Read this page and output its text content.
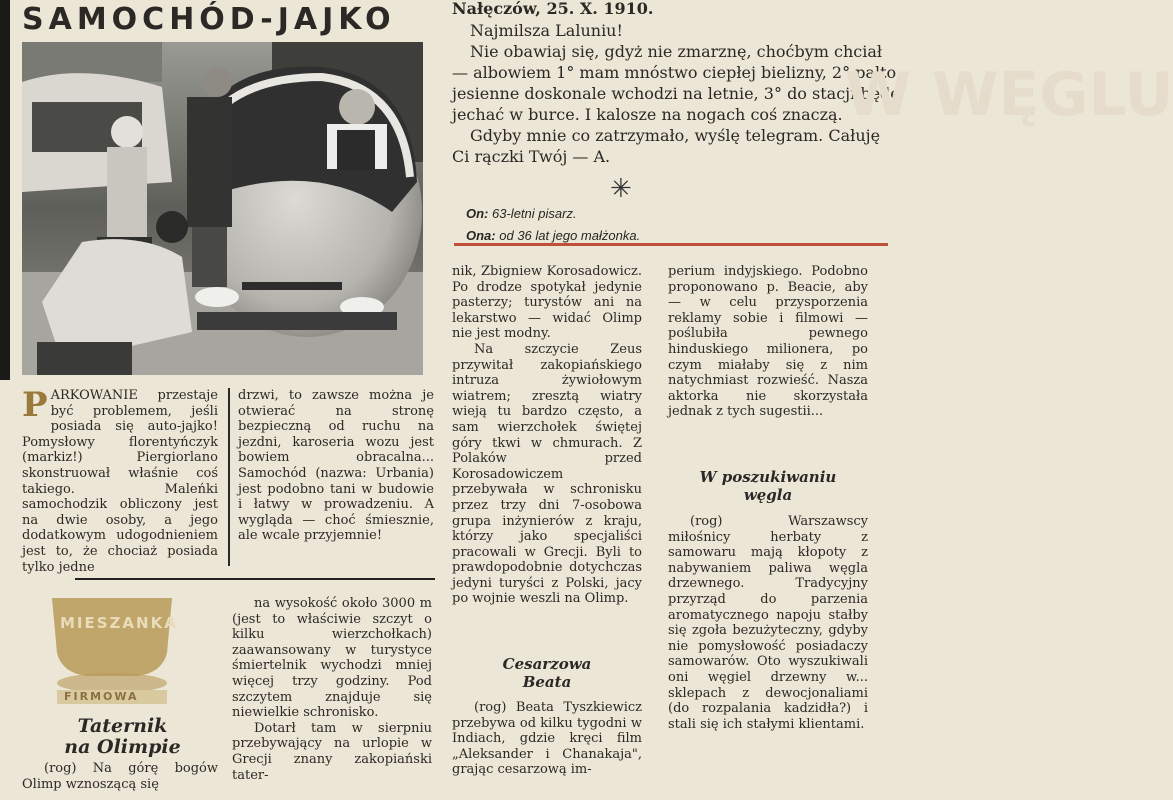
SAMOCHÓD-JAJKO	Nałęczów, 25. X. 1910.

Najmilsza Laluniu!

Nie obawiaj się, gdyż nie zmarznę, choćbym chciał — albowiem 1° mam mnóstwo ciepłej bielizny, 2° palto jesienne doskonale wchodzi na letnie, 3° do stacji będę jechać w burce. I kalosze na nogach coś znaczą.

Gdyby mnie co zatrzymało, wyślę telegram. Całuję Ci rączki Twój — A.

✳
On: 63-letni pisarz.
Ona: od 36 lat jego małżonka.
W WĘGLU

PARKOWANIE przestaje być problemem, jeśli posiada się auto-jajko! Pomysłowy florentyńczyk (markiz!) Piergiorlano skonstruował właśnie coś takiego. Maleńki samochodzik obliczony jest na dwie osoby, a jego dodatkowym udogodnieniem jest to, że chociaż posiada tylko jedne

drzwi, to zawsze można je otwierać na stronę bezpieczną od ruchu na jezdni, karoseria wozu jest bowiem obracalna... Samochód (nazwa: Urbania) jest podobno tani w budowie i łatwy w prowadzeniu. A wygląda — choć śmiesznie, ale wcale przyjemnie!

MIESZANKA
FIRMOWA
Taternik
na Olimpie

(rog) Na górę bogów Olimp wznoszącą się

na wysokość około 3000 m (jest to właściwie szczyt o kilku wierzchołkach) zaawansowany w turystyce śmiertelnik wychodzi mniej więcej trzy godziny. Pod szczytem znajduje się niewielkie schronisko.

Dotarł tam w sierpniu przebywający na urlopie w Grecji znany zakopiański tater-

nik, Zbigniew Korosadowicz. Po drodze spotykał jedynie pasterzy; turystów ani na lekarstwo — widać Olimp nie jest modny.

Na szczycie Zeus przywitał zakopiańskiego intruza żywiołowym wiatrem; zresztą wiatry wieją tu bardzo często, a sam wierzchołek świętej góry tkwi w chmurach. Z Polaków przed Korosadowiczem przebywała w schronisku przez trzy dni 7-osobowa grupa inżynierów z kraju, którzy jako specjaliści pracowali w Grecji. Byli to prawdopodobnie dotychczas jedyni turyści z Polski, jacy po wojnie weszli na Olimp.

Cesarzowa
Beata

(rog) Beata Tyszkiewicz przebywa od kilku tygodni w Indiach, gdzie kręci film „Aleksander i Chanakaja", grając cesarzową im-

perium indyjskiego. Podobno proponowano p. Beacie, aby — w celu przysporzenia reklamy sobie i filmowi — poślubiła pewnego hinduskiego milionera, po czym miałaby się z nim natychmiast rozwieść. Nasza aktorka nie skorzystała jednak z tych sugestii...

W poszukiwaniu
węgla

(rog) Warszawscy miłośnicy herbaty z samowaru mają kłopoty z nabywaniem paliwa węgla drzewnego. Tradycyjny przyrząd do parzenia aromatycznego napoju stałby się zgoła bezużyteczny, gdyby nie pomysłowość posiadaczy samowarów. Oto wyszukiwali oni węgiel drzewny w... sklepach z dewocjonaliami (do rozpalania kadzidła?) i stali się ich stałymi klientami.
